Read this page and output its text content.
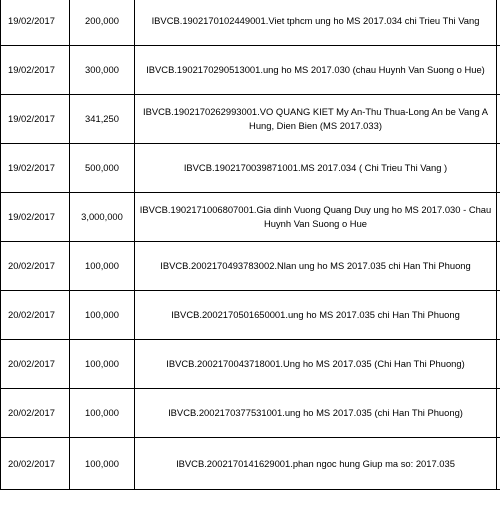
19/02/2017	200,000	IBVCB.1902170102449001.Viet tphcm ung ho MS 2017.034 chi Trieu Thi Vang	
19/02/2017	300,000	IBVCB.1902170290513001.ung ho MS 2017.030 (chau Huynh Van Suong o Hue)	
19/02/2017	341,250	IBVCB.1902170262993001.VO QUANG KIET My An-Thu Thua-Long An be Vang A Hung, Dien Bien (MS 2017.033)	
19/02/2017	500,000	IBVCB.1902170039871001.MS 2017.034 ( Chi Trieu Thi Vang )	
19/02/2017	3,000,000	IBVCB.1902171006807001.Gia dinh Vuong Quang Duy ung ho MS 2017.030 - Chau Huynh Van Suong o Hue	
20/02/2017	100,000	IBVCB.2002170493783002.Nlan ung ho MS 2017.035 chi Han Thi Phuong	
20/02/2017	100,000	IBVCB.2002170501650001.ung ho MS 2017.035 chi Han Thi Phuong	
20/02/2017	100,000	IBVCB.2002170043718001.Ung ho MS 2017.035 (Chi Han Thi Phuong)	
20/02/2017	100,000	IBVCB.2002170377531001.ung ho MS 2017.035 (chi Han Thi Phuong)	
20/02/2017	100,000	IBVCB.2002170141629001.phan ngoc hung Giup ma so: 2017.035	
